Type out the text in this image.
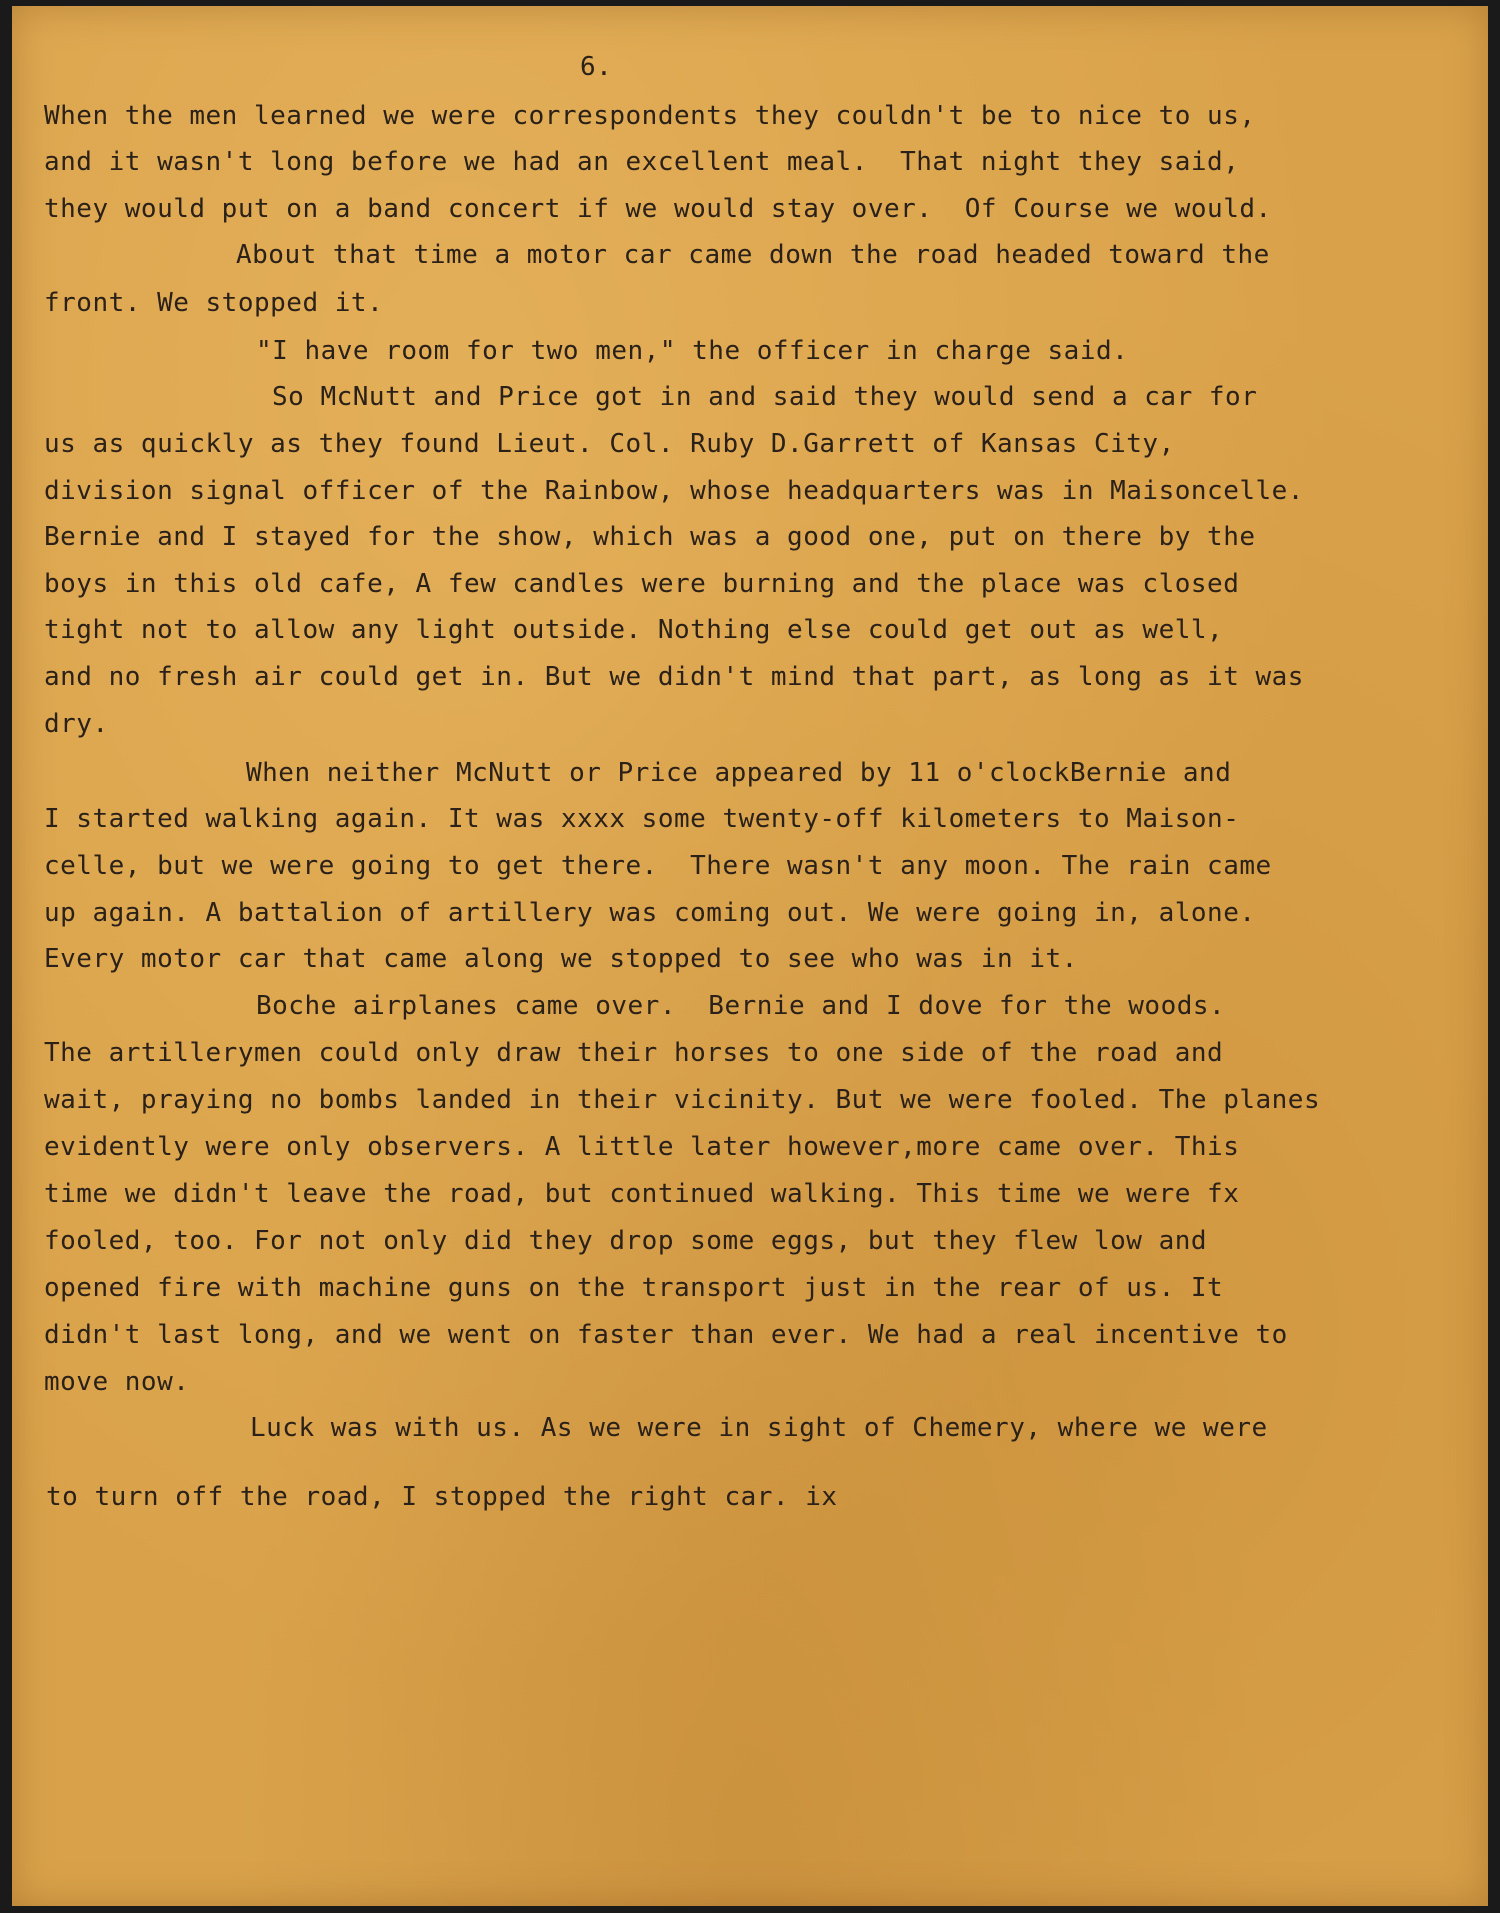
6.
When the men learned we were correspondents they couldn't be to nice to us,
and it wasn't long before we had an excellent meal.  That night they said,
they would put on a band concert if we would stay over.  Of Course we would.
About that time a motor car came down the road headed toward the
front. We stopped it.
"I have room for two men," the officer in charge said.
So McNutt and Price got in and said they would send a car for
us as quickly as they found Lieut. Col. Ruby D.Garrett of Kansas City,
division signal officer of the Rainbow, whose headquarters was in Maisoncelle.
Bernie and I stayed for the show, which was a good one, put on there by the
boys in this old cafe, A few candles were burning and the place was closed
tight not to allow any light outside. Nothing else could get out as well,
and no fresh air could get in. But we didn't mind that part, as long as it was
dry.
When neither McNutt or Price appeared by 11 o'clockBernie and
I started walking again. It was xxxx some twenty-off kilometers to Maison-
celle, but we were going to get there.  There wasn't any moon. The rain came
up again. A battalion of artillery was coming out. We were going in, alone.
Every motor car that came along we stopped to see who was in it.
Boche airplanes came over.  Bernie and I dove for the woods.
The artillerymen could only draw their horses to one side of the road and
wait, praying no bombs landed in their vicinity. But we were fooled. The planes
evidently were only observers. A little later however,more came over. This
time we didn't leave the road, but continued walking. This time we were fx
fooled, too. For not only did they drop some eggs, but they flew low and
opened fire with machine guns on the transport just in the rear of us. It
didn't last long, and we went on faster than ever. We had a real incentive to
move now.
Luck was with us. As we were in sight of Chemery, where we were
to turn off the road, I stopped the right car. ix
